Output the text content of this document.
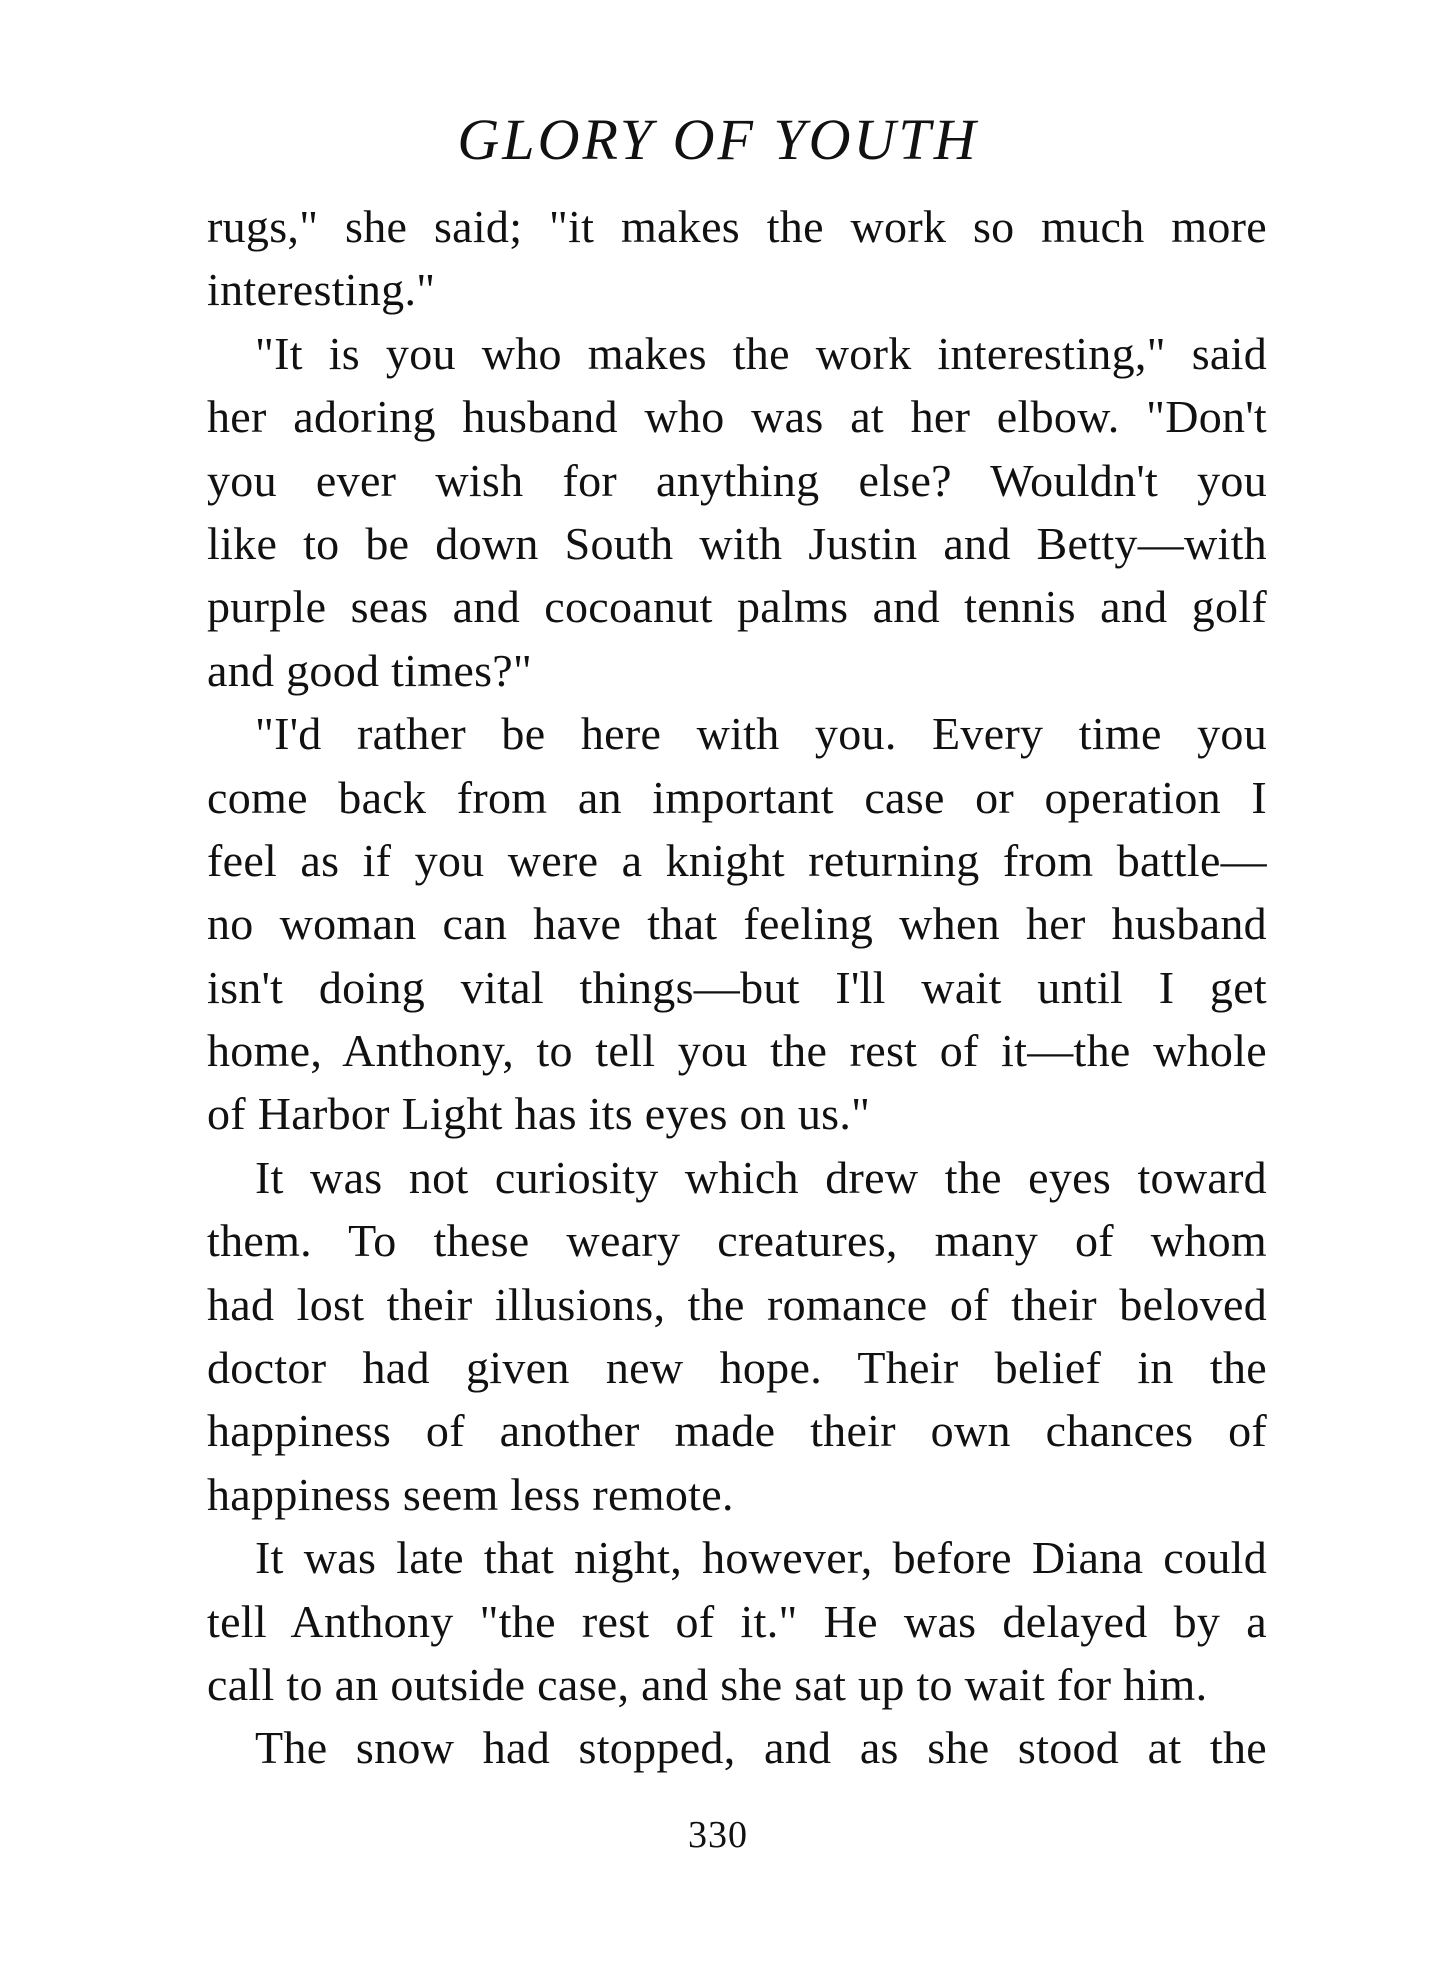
GLORY OF YOUTH
rugs," she said; "it makes the work so much more
interesting."
"It is you who makes the work interesting," said
her adoring husband who was at her elbow. "Don't
you ever wish for anything else? Wouldn't you
like to be down South with Justin and Betty—with
purple seas and cocoanut palms and tennis and golf
and good times?"
"I'd rather be here with you. Every time you
come back from an important case or operation I
feel as if you were a knight returning from battle—
no woman can have that feeling when her husband
isn't doing vital things—but I'll wait until I get
home, Anthony, to tell you the rest of it—the whole
of Harbor Light has its eyes on us."
It was not curiosity which drew the eyes toward
them. To these weary creatures, many of whom
had lost their illusions, the romance of their beloved
doctor had given new hope. Their belief in the
happiness of another made their own chances of
happiness seem less remote.
It was late that night, however, before Diana could
tell Anthony "the rest of it." He was delayed by a
call to an outside case, and she sat up to wait for him.
The snow had stopped, and as she stood at the
330
